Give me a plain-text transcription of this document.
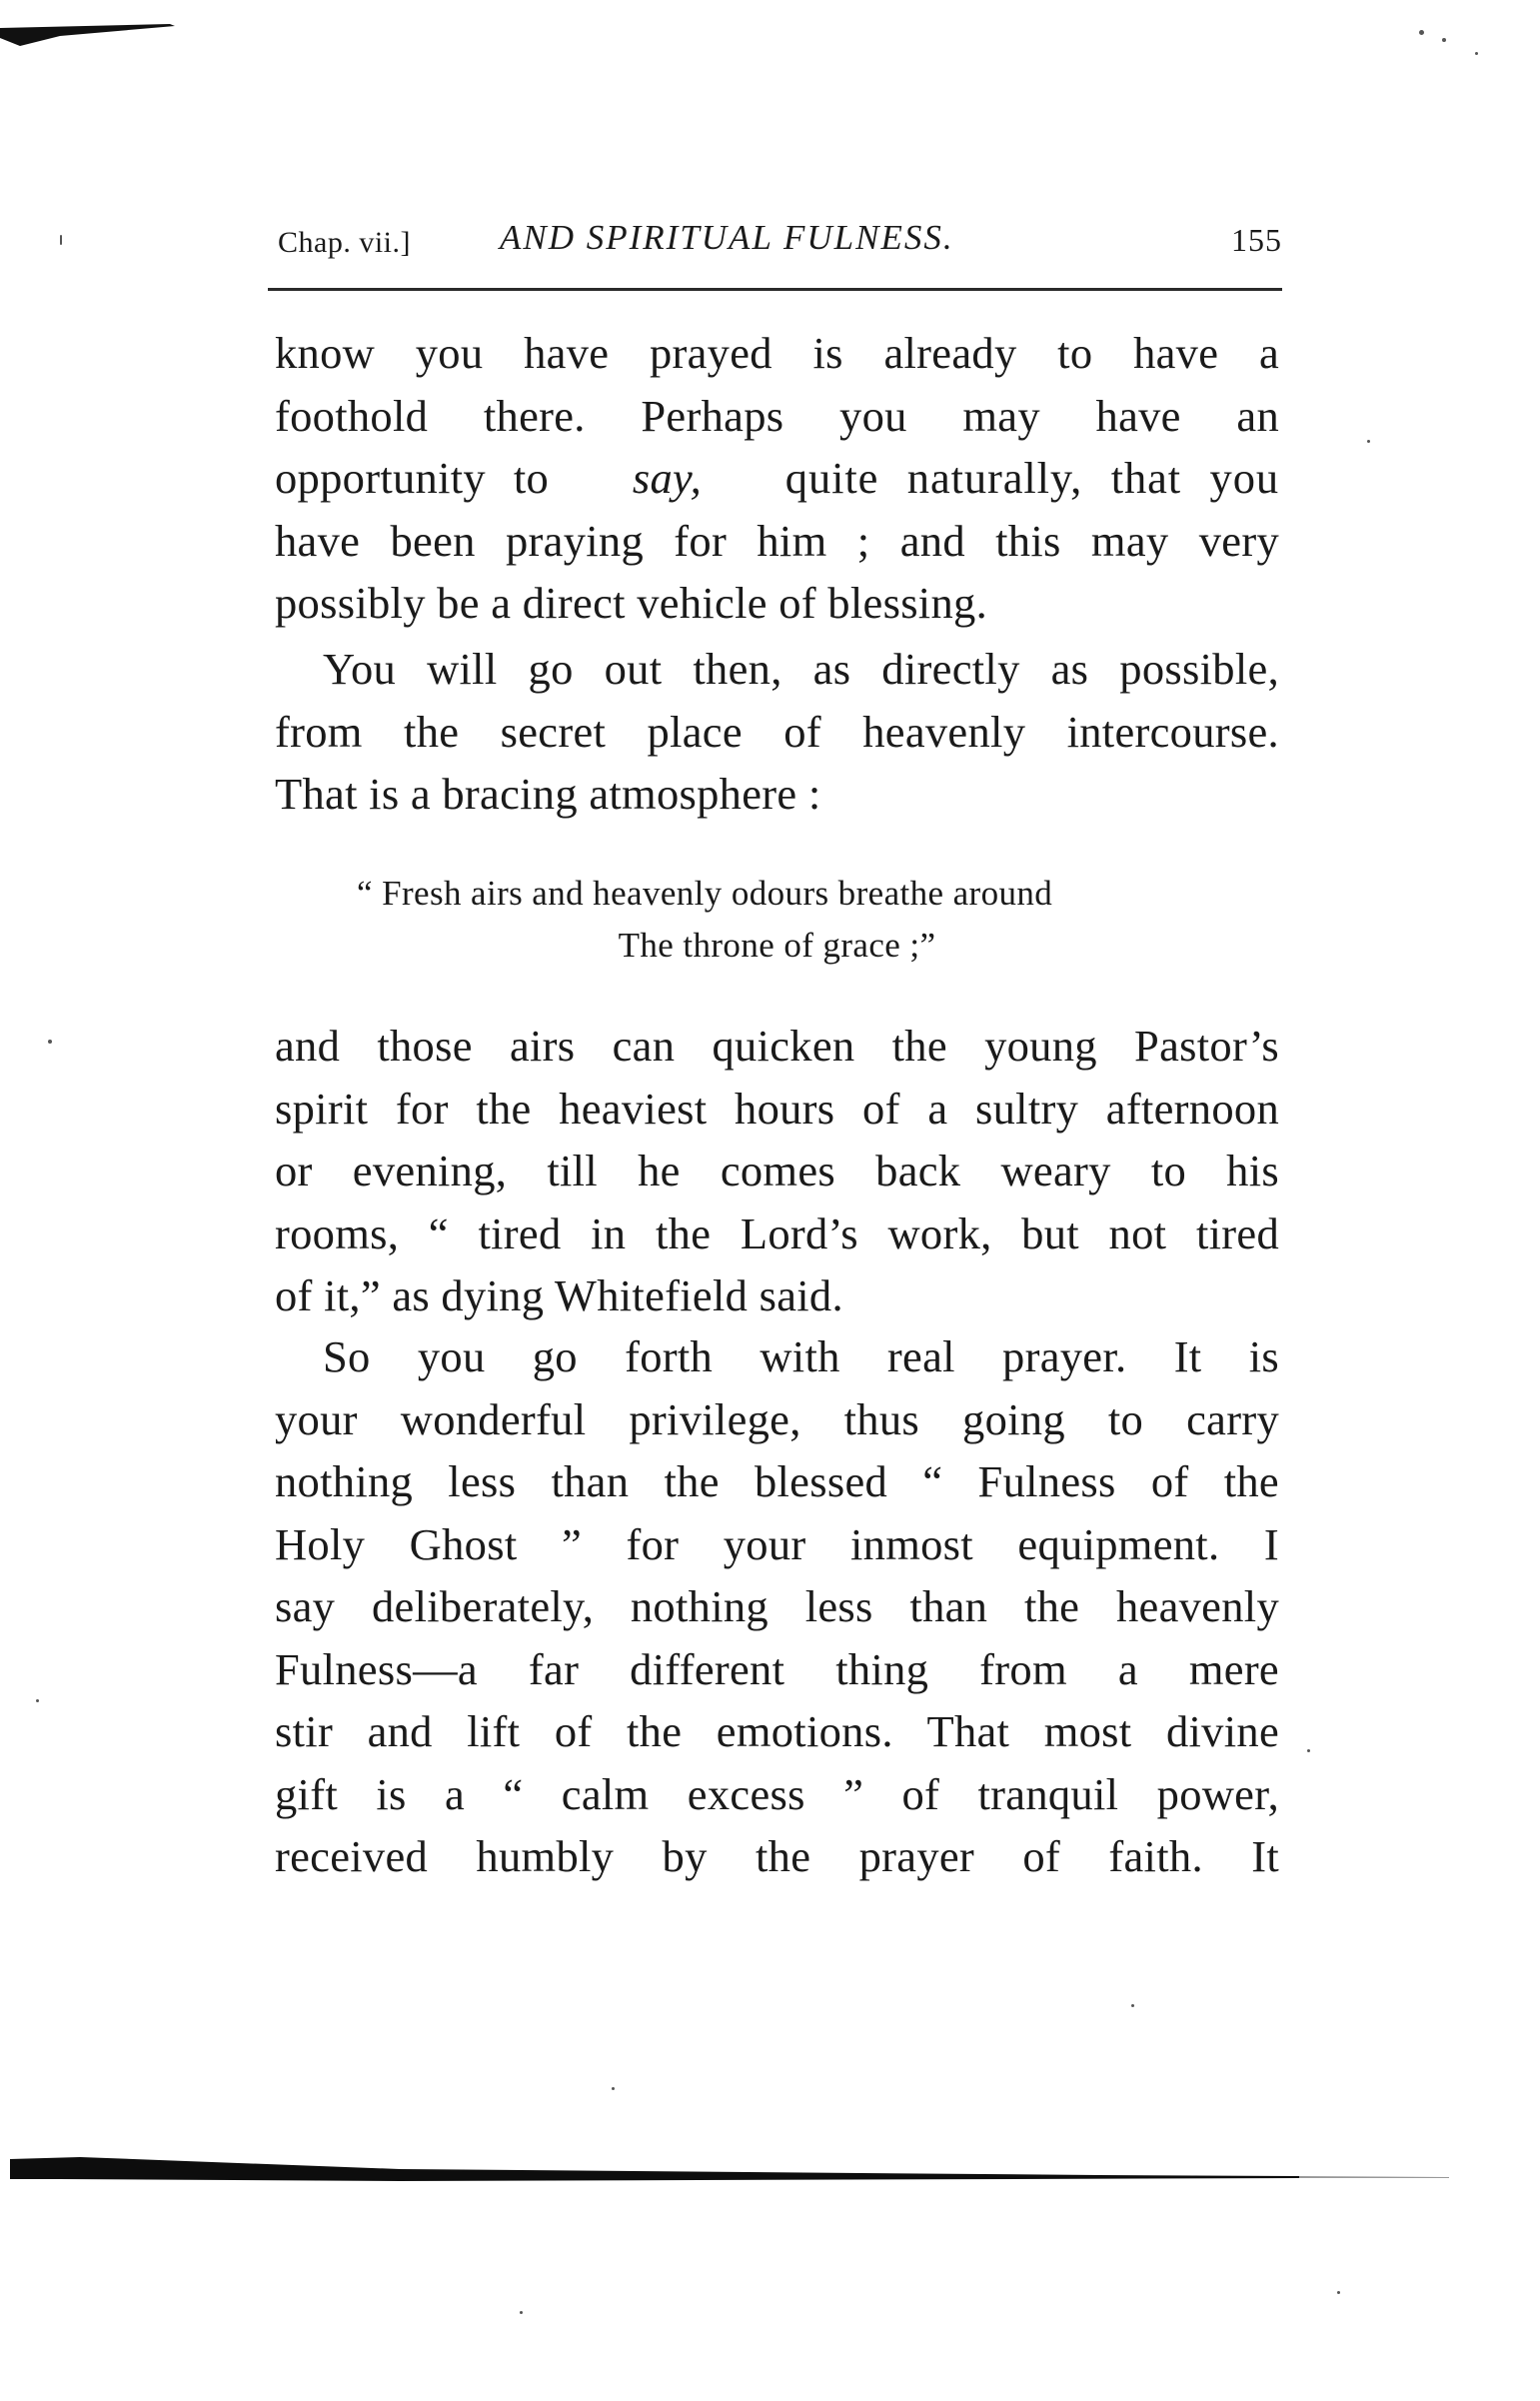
Chap. vii.]	AND SPIRITUAL FULNESS.	155
know you have prayed is already to have a
foothold there. Perhaps you may have an
opportunity to say, quite naturally, that you
have been praying for him ; and this may very
possibly be a direct vehicle of blessing.
You will go out then, as directly as possible,
from the secret place of heavenly intercourse.
That is a bracing atmosphere :
“ Fresh airs and heavenly odours breathe around
The throne of grace ;”
and those airs can quicken the young Pastor’s
spirit for the heaviest hours of a sultry afternoon
or evening, till he comes back weary to his
rooms, “ tired in the Lord’s work, but not tired
of it,” as dying Whitefield said.
So you go forth with real prayer. It is
your wonderful privilege, thus going to carry
nothing less than the blessed “ Fulness of the
Holy Ghost ” for your inmost equipment. I
say deliberately, nothing less than the heavenly
Fulness—a far different thing from a mere
stir and lift of the emotions. That most divine
gift is a “ calm excess ” of tranquil power,
received humbly by the prayer of faith. It
